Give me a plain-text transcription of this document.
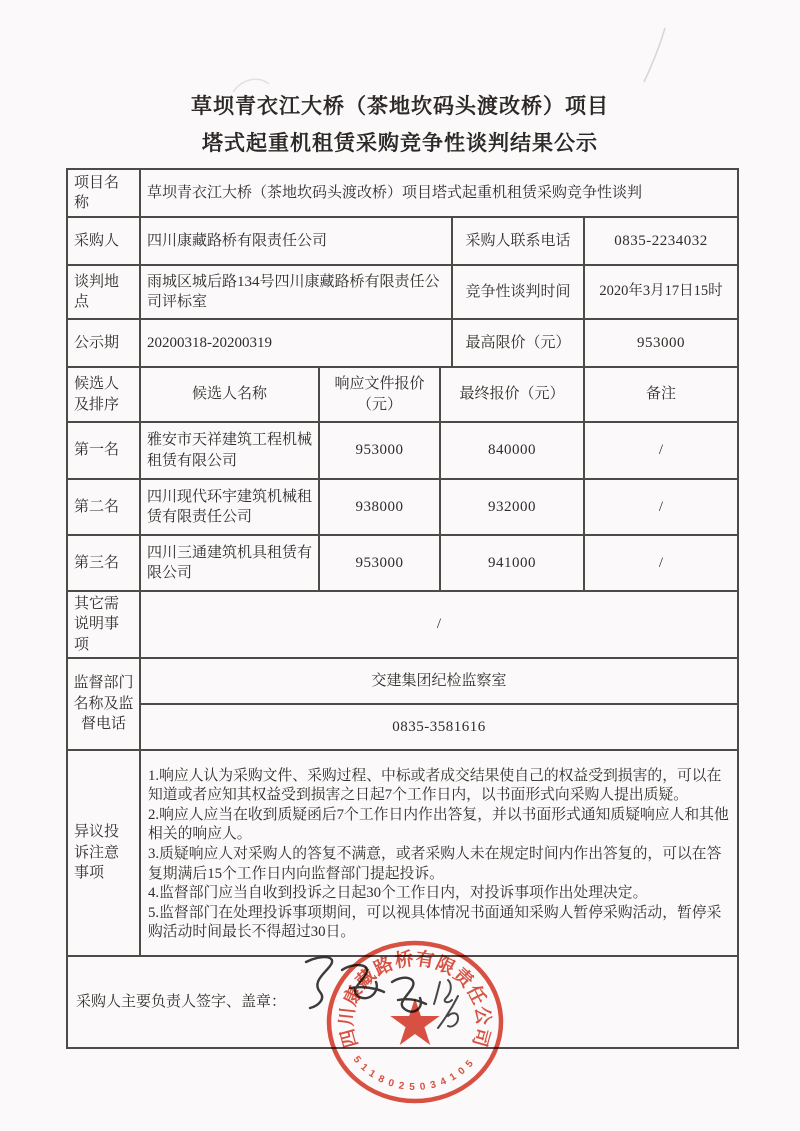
草坝青衣江大桥（茶地坎码头渡改桥）项目
塔式起重机租赁采购竞争性谈判结果公示
项目名称	草坝青衣江大桥（茶地坎码头渡改桥）项目塔式起重机租赁采购竞争性谈判				
采购人	四川康藏路桥有限责任公司			采购人联系电话	0835-2234032
谈判地点	雨城区城后路134号四川康藏路桥有限责任公司评标室			竞争性谈判时间	2020年3月17日15时
公示期	20200318-20200319			最高限价（元）	953000
候选人及排序	候选人名称	响应文件报价（元）	最终报价（元）		备注
第一名	雅安市天祥建筑工程机械租赁有限公司	953000	840000		/
第二名	四川现代环宇建筑机械租赁有限责任公司	938000	932000		/
第三名	四川三通建筑机具租赁有限公司	953000	941000		/
其它需说明事项	/				
监督部门名称及监督电话	交建集团纪检监察室				
	0835-3581616				
异议投诉注意事项	1.响应人认为采购文件、采购过程、中标或者成交结果使自己的权益受到损害的，可以在知道或者应知其权益受到损害之日起7个工作日内，以书面形式向采购人提出质疑。
2.响应人应当在收到质疑函后7个工作日内作出答复，并以书面形式通知质疑响应人和其他相关的响应人。
3.质疑响应人对采购人的答复不满意，或者采购人未在规定时间内作出答复的，可以在答复期满后15个工作日内向监督部门提起投诉。
4.监督部门应当自收到投诉之日起30个工作日内，对投诉事项作出处理决定。
5.监督部门在处理投诉事项期间，可以视具体情况书面通知采购人暂停采购活动，暂停采购活动时间最长不得超过30日。				

采购人主要负责人签字、盖章：					
四川康藏路桥有限责任公司
5118025034105
